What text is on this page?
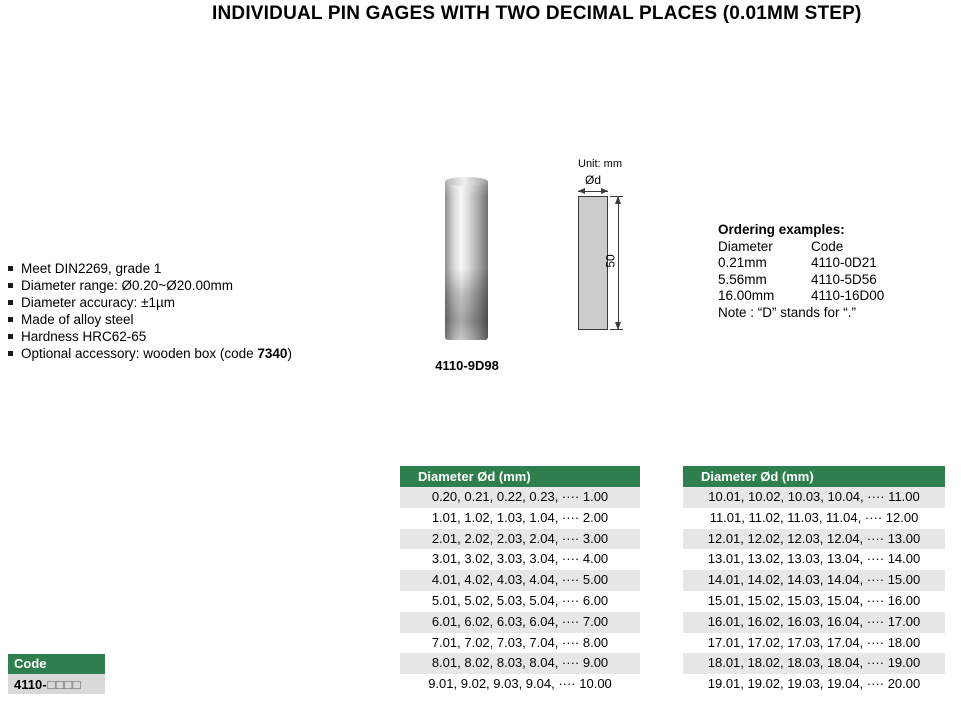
INDIVIDUAL PIN GAGES WITH TWO DECIMAL PLACES (0.01MM STEP)
Meet DIN2269, grade 1
Diameter range: Ø0.20~Ø20.00mm
Diameter accuracy: ±1µm
Made of alloy steel
Hardness HRC62-65
Optional accessory: wooden box (code 7340)
4110-9D98
Unit: mm
Ød
50
Ordering examples:
Diameter	Code
0.21mm	4110-0D21
5.56mm	4110-5D56
16.00mm	4110-16D00
Note : “D” stands for “.”
Diameter Ød (mm)
0.20, 0.21, 0.22, 0.23, ···· 1.00
1.01, 1.02, 1.03, 1.04, ···· 2.00
2.01, 2.02, 2.03, 2.04, ···· 3.00
3.01, 3.02, 3.03, 3.04, ···· 4.00
4.01, 4.02, 4.03, 4.04, ···· 5.00
5.01, 5.02, 5.03, 5.04, ···· 6.00
6.01, 6.02, 6.03, 6.04, ···· 7.00
7.01, 7.02, 7.03, 7.04, ···· 8.00
8.01, 8.02, 8.03, 8.04, ···· 9.00
9.01, 9.02, 9.03, 9.04, ···· 10.00
Diameter Ød (mm)
10.01, 10.02, 10.03, 10.04, ···· 11.00
11.01, 11.02, 11.03, 11.04, ···· 12.00
12.01, 12.02, 12.03, 12.04, ···· 13.00
13.01, 13.02, 13.03, 13.04, ···· 14.00
14.01, 14.02, 14.03, 14.04, ···· 15.00
15.01, 15.02, 15.03, 15.04, ···· 16.00
16.01, 16.02, 16.03, 16.04, ···· 17.00
17.01, 17.02, 17.03, 17.04, ···· 18.00
18.01, 18.02, 18.03, 18.04, ···· 19.00
19.01, 19.02, 19.03, 19.04, ···· 20.00
Code
4110- □□□□
